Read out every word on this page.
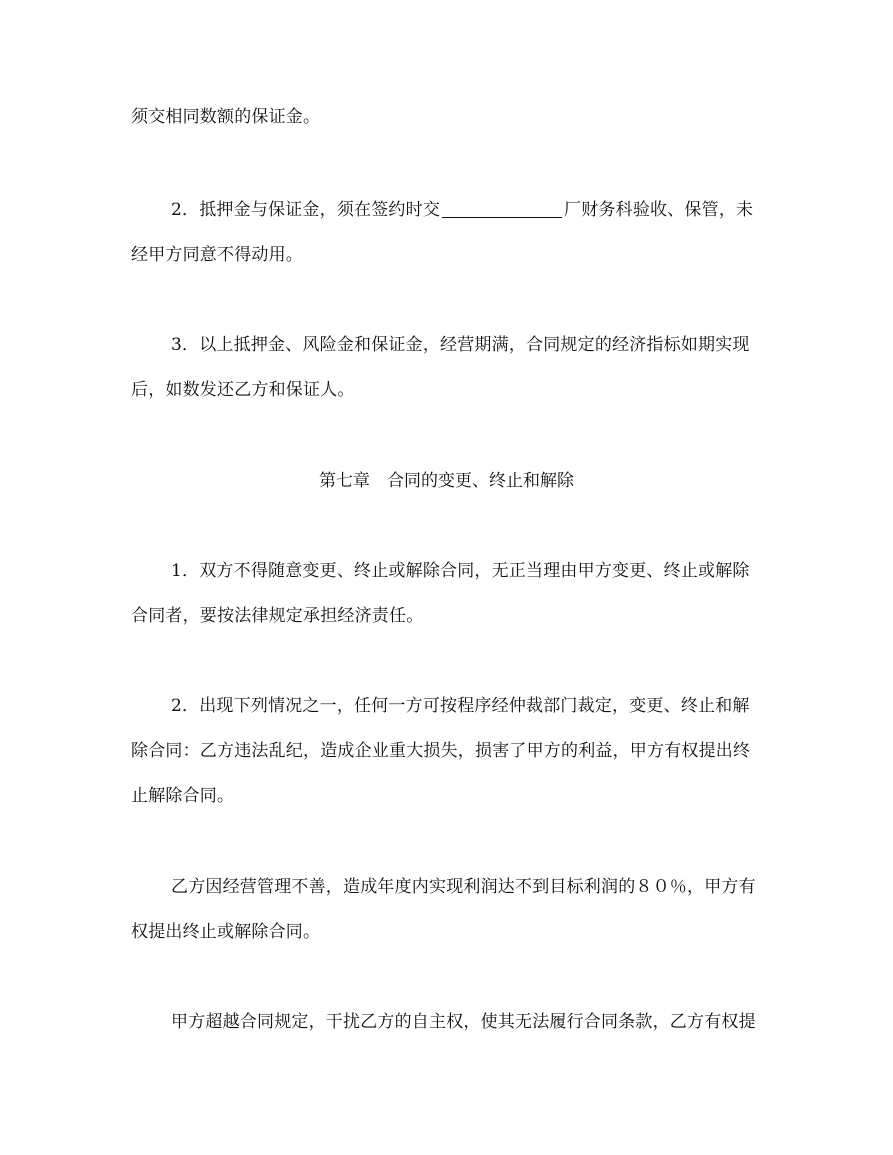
须交相同数额的保证金。
2．抵押金与保证金，须在签约时交	厂财务科验收、保管，未
经甲方同意不得动用。
3．以上抵押金、风险金和保证金，经营期满，合同规定的经济指标如期实现
后，如数发还乙方和保证人。
第七章　合同的变更、终止和解除
1．双方不得随意变更、终止或解除合同，无正当理由甲方变更、终止或解除
合同者，要按法律规定承担经济责任。
2．出现下列情况之一，任何一方可按程序经仲裁部门裁定，变更、终止和解
除合同：乙方违法乱纪，造成企业重大损失，损害了甲方的利益，甲方有权提出终
止解除合同。
乙方因经营管理不善，造成年度内实现利润达不到目标利润的８０％，甲方有
权提出终止或解除合同。
甲方超越合同规定，干扰乙方的自主权，使其无法履行合同条款，乙方有权提
